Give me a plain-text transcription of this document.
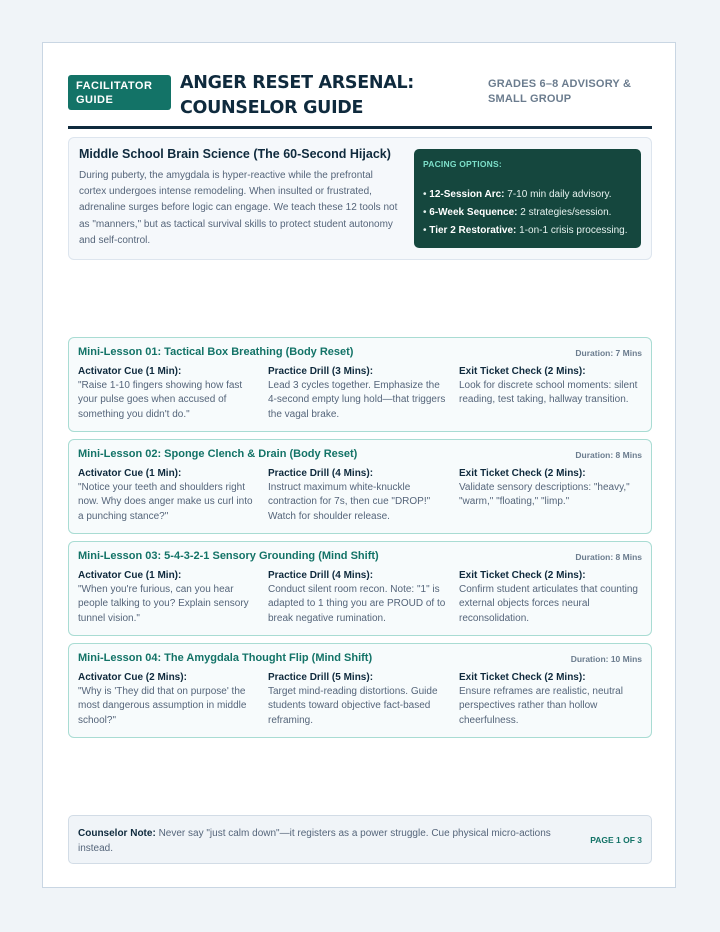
FACILITATOR
GUIDE
ANGER RESET ARSENAL:
COUNSELOR GUIDE
GRADES 6–8 ADVISORY &
SMALL GROUP
Middle School Brain Science (The 60-Second Hijack)

During puberty, the amygdala is hyper-reactive while the prefrontal cortex undergoes intense remodeling. When insulted or frustrated, adrenaline surges before logic can engage. We teach these 12 tools not as "manners," but as tactical survival skills to protect student autonomy and self-control.

PACING OPTIONS:
• 12-Session Arc: 7-10 min daily advisory.
• 6-Week Sequence: 2 strategies/session.
• Tier 2 Restorative: 1-on-1 crisis processing.
Mini-Lesson 01: Tactical Box Breathing (Body Reset)	Duration: 7 Mins
Activator Cue (1 Min):
"Raise 1-10 fingers showing how fast your pulse goes when accused of something you didn't do."
Practice Drill (3 Mins):
Lead 3 cycles together. Emphasize the 4-second empty lung hold—that triggers the vagal brake.
Exit Ticket Check (2 Mins):
Look for discrete school moments: silent reading, test taking, hallway transition.
Mini-Lesson 02: Sponge Clench & Drain (Body Reset)	Duration: 8 Mins
Activator Cue (1 Min):
"Notice your teeth and shoulders right now. Why does anger make us curl into a punching stance?"
Practice Drill (4 Mins):
Instruct maximum white-knuckle contraction for 7s, then cue "DROP!" Watch for shoulder release.
Exit Ticket Check (2 Mins):
Validate sensory descriptions: "heavy," "warm," "floating," "limp."
Mini-Lesson 03: 5-4-3-2-1 Sensory Grounding (Mind Shift)	Duration: 8 Mins
Activator Cue (1 Min):
"When you're furious, can you hear people talking to you? Explain sensory tunnel vision."
Practice Drill (4 Mins):
Conduct silent room recon. Note: "1" is adapted to 1 thing you are PROUD of to break negative rumination.
Exit Ticket Check (2 Mins):
Confirm student articulates that counting external objects forces neural reconsolidation.
Mini-Lesson 04: The Amygdala Thought Flip (Mind Shift)	Duration: 10 Mins
Activator Cue (2 Mins):
"Why is 'They did that on purpose' the most dangerous assumption in middle school?"
Practice Drill (5 Mins):
Target mind-reading distortions. Guide students toward objective fact-based reframing.
Exit Ticket Check (2 Mins):
Ensure reframes are realistic, neutral perspectives rather than hollow cheerfulness.
Counselor Note: Never say "just calm down"—it registers as a power struggle. Cue physical micro-actions instead.
PAGE 1 OF 3
